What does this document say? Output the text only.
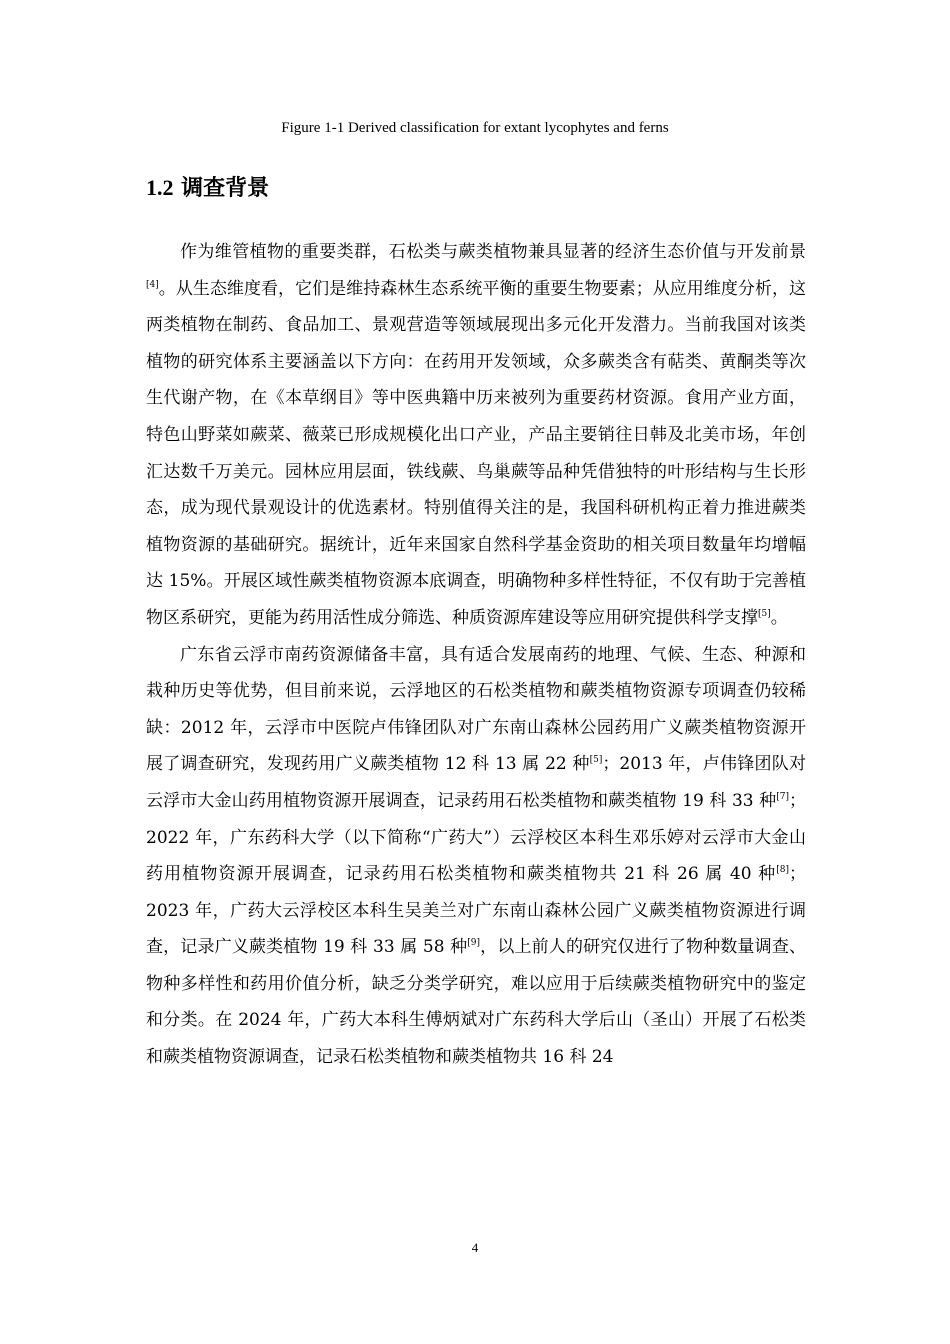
Figure 1-1 Derived classification for extant lycophytes and ferns
1.2 调查背景

作为维管植物的重要类群，石松类与蕨类植物兼具显著的经济生态价值与开发前景[4]。从生态维度看，它们是维持森林生态系统平衡的重要生物要素；从应用维度分析，这两类植物在制药、食品加工、景观营造等领域展现出多元化开发潜力。当前我国对该类植物的研究体系主要涵盖以下方向：在药用开发领域，众多蕨类含有萜类、黄酮类等次生代谢产物，在《本草纲目》等中医典籍中历来被列为重要药材资源。食用产业方面，特色山野菜如蕨菜、薇菜已形成规模化出口产业，产品主要销往日韩及北美市场，年创汇达数千万美元。园林应用层面，铁线蕨、鸟巢蕨等品种凭借独特的叶形结构与生长形态，成为现代景观设计的优选素材。特别值得关注的是，我国科研机构正着力推进蕨类植物资源的基础研究。据统计，近年来国家自然科学基金资助的相关项目数量年均增幅达 15%。开展区域性蕨类植物资源本底调查，明确物种多样性特征，不仅有助于完善植物区系研究，更能为药用活性成分筛选、种质资源库建设等应用研究提供科学支撑[5]。

广东省云浮市南药资源储备丰富，具有适合发展南药的地理、气候、生态、种源和栽种历史等优势，但目前来说，云浮地区的石松类植物和蕨类植物资源专项调查仍较稀缺：2012 年，云浮市中医院卢伟锋团队对广东南山森林公园药用广义蕨类植物资源开展了调查研究，发现药用广义蕨类植物 12 科 13 属 22 种[5]；2013 年，卢伟锋团队对云浮市大金山药用植物资源开展调查，记录药用石松类植物和蕨类植物 19 科 33 种[7]；2022 年，广东药科大学（以下简称“广药大”）云浮校区本科生邓乐婷对云浮市大金山药用植物资源开展调查，记录药用石松类植物和蕨类植物共 21 科 26 属 40 种[8]；2023 年，广药大云浮校区本科生吴美兰对广东南山森林公园广义蕨类植物资源进行调查，记录广义蕨类植物 19 科 33 属 58 种[9]，以上前人的研究仅进行了物种数量调查、物种多样性和药用价值分析，缺乏分类学研究，难以应用于后续蕨类植物研究中的鉴定和分类。在 2024 年，广药大本科生傅炳斌对广东药科大学后山（圣山）开展了石松类和蕨类植物资源调查，记录石松类植物和蕨类植物共 16 科 24

4
